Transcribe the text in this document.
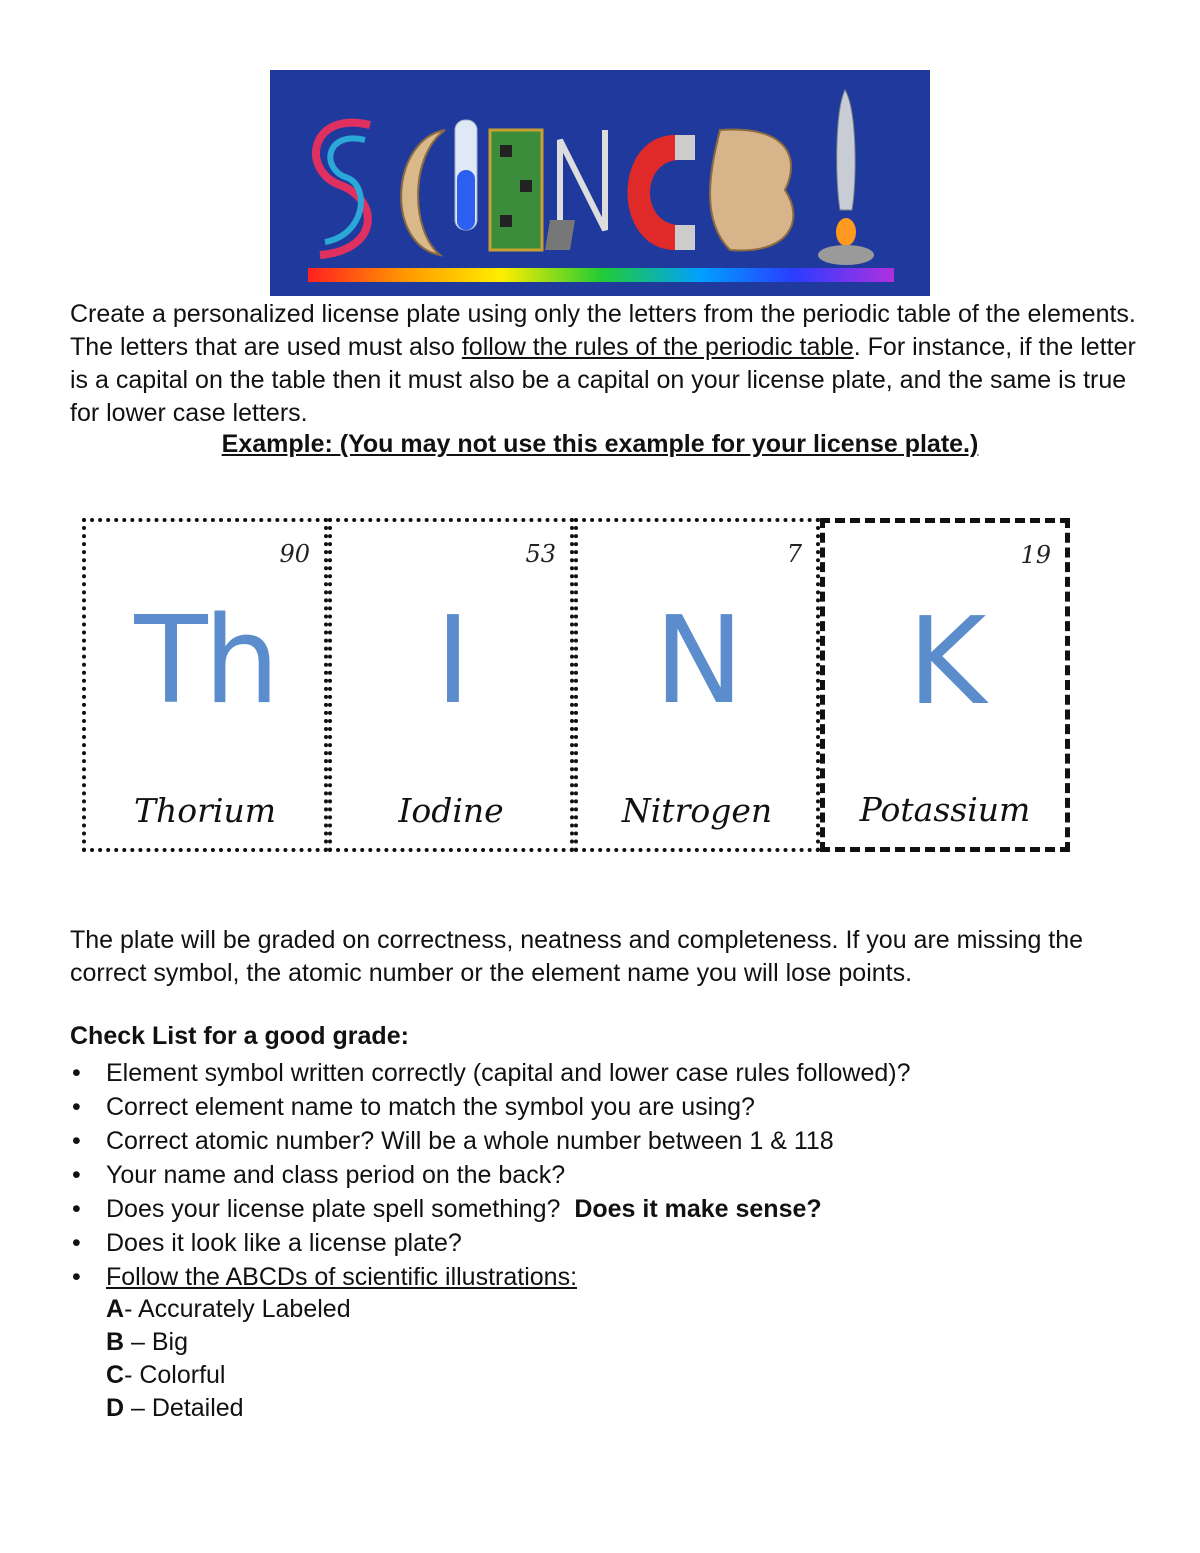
Create a personalized license plate using only the letters from the periodic table of the elements. The letters that are used must also follow the rules of the periodic table. For instance, if the letter is a capital on the table then it must also be a capital on your license plate, and the same is true for lower case letters.

Example: (You may not use this example for your license plate.)
90
Th
Thorium
53
I
Iodine
7
N
Nitrogen
19
K
Potassium
The plate will be graded on correctness, neatness and completeness. If you are missing the correct symbol, the atomic number or the element name you will lose points.
Check List for a good grade:
• Element symbol written correctly (capital and lower case rules followed)?
• Correct element name to match the symbol you are using?
• Correct atomic number? Will be a whole number between 1 & 118
• Your name and class period on the back?
• Does your license plate spell something?  Does it make sense?
• Does it look like a license plate?
• Follow the ABCDs of scientific illustrations:
A- Accurately Labeled
B – Big
C- Colorful
D – Detailed
